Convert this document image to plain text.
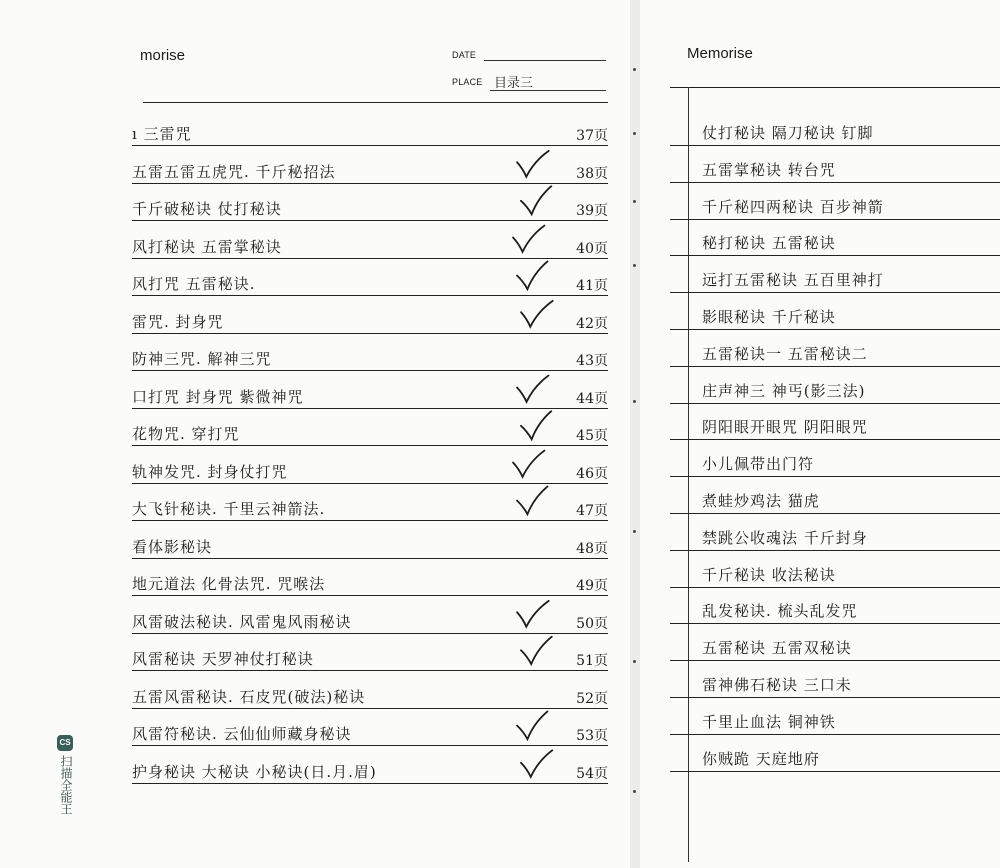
morise	DATE
PLACE 目录三
ı 三雷咒	37页
五雷五雷五虎咒. 千斤秘招法	38页
千斤破秘诀 仗打秘诀	39页
风打秘诀 五雷掌秘诀	40页
风打咒 五雷秘诀.	41页
雷咒. 封身咒	42页
防神三咒. 解神三咒	43页
口打咒 封身咒 紫微神咒	44页
花物咒. 穿打咒	45页
轨神发咒. 封身仗打咒	46页
大飞针秘诀. 千里云神箭法.	47页
看体影秘诀	48页
地元道法 化骨法咒. 咒喉法	49页
风雷破法秘诀. 风雷鬼风雨秘诀	50页
风雷秘诀 天罗神仗打秘诀	51页
五雷风雷秘诀. 石皮咒(破法)秘诀	52页
风雷符秘诀. 云仙仙师藏身秘诀	53页
护身秘诀 大秘诀 小秘诀(日.月.眉)	54页
Memorise
仗打秘诀 隔刀秘诀 钉脚
五雷掌秘诀 转台咒
千斤秘四两秘诀 百步神箭
秘打秘诀 五雷秘诀
远打五雷秘诀 五百里神打
影眼秘诀 千斤秘诀
五雷秘诀一 五雷秘诀二
庄声神三 神丐(影三法)
阴阳眼开眼咒 阴阳眼咒
小儿佩带出门符
煮蛙炒鸡法 猫虎
禁跳公收魂法 千斤封身
千斤秘诀 收法秘诀
乱发秘诀. 梳头乱发咒
五雷秘诀 五雷双秘诀
雷神佛石秘诀 三口未
千里止血法 铜神铁
你贼跪 天庭地府
CS
扫描全能王
